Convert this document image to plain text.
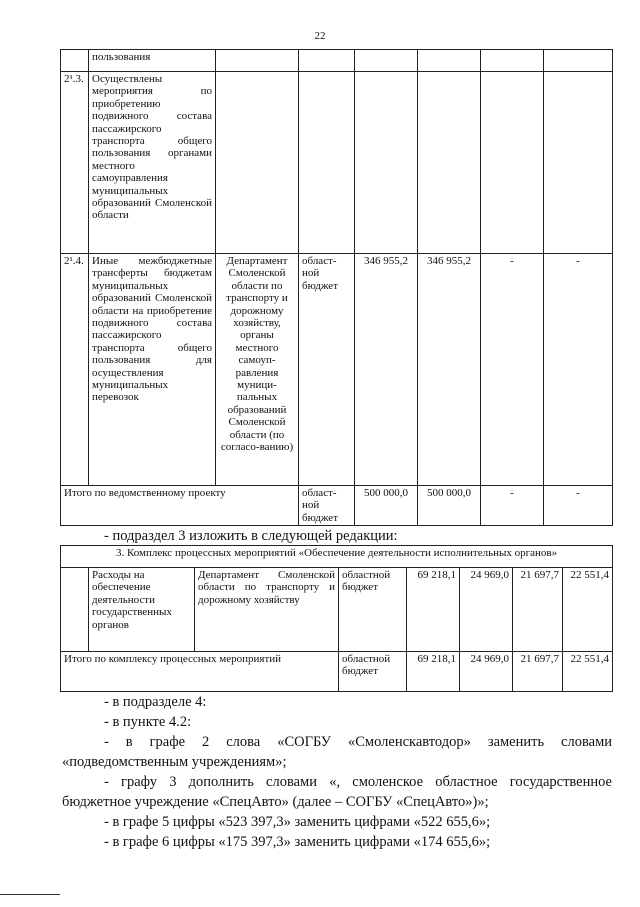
22
	пользования						
2¹.3.	Осуществлены мероприятия по приобретению подвижного состава пассажирского транспорта общего пользования органами местного самоуправления муниципальных образований Смоленской области						
2¹.4.	Иные межбюджетные трансферты бюджетам муниципальных образований Смоленской области на приобретение подвижного состава пассажирского транспорта общего пользования для осуществления муниципальных перевозок	Департамент Смоленской области по транспорту и дорожному хозяйству, органы местного самоуп-равления муници-пальных образований Смоленской области (по согласо-ванию)	област-ной бюджет	346 955,2	346 955,2	-	-
Итого по ведомственному проекту			област-ной бюджет	500 000,0	500 000,0	-	-
- подраздел 3 изложить в следующей редакции:
3. Комплекс процессных мероприятий «Обеспечение деятельности исполнительных органов»							
	Расходы на обеспечение деятельности государственных органов	Департамент Смоленской области по транспорту и дорожному хозяйству	областной бюджет	69 218,1	24 969,0	21 697,7	22 551,4
Итого по комплексу процессных мероприятий			областной бюджет	69 218,1	24 969,0	21 697,7	22 551,4
- в подразделе 4:
- в пункте 4.2:
- в графе 2 слова «СОГБУ «Смоленскавтодор» заменить словами «подведомственным учреждениям»;
- графу 3 дополнить словами «, смоленское областное государственное бюджетное учреждение «СпецАвто» (далее – СОГБУ «СпецАвто»)»;
- в графе 5 цифры «523 397,3» заменить цифрами «522 655,6»;
- в графе 6 цифры «175 397,3» заменить цифрами «174 655,6»;
